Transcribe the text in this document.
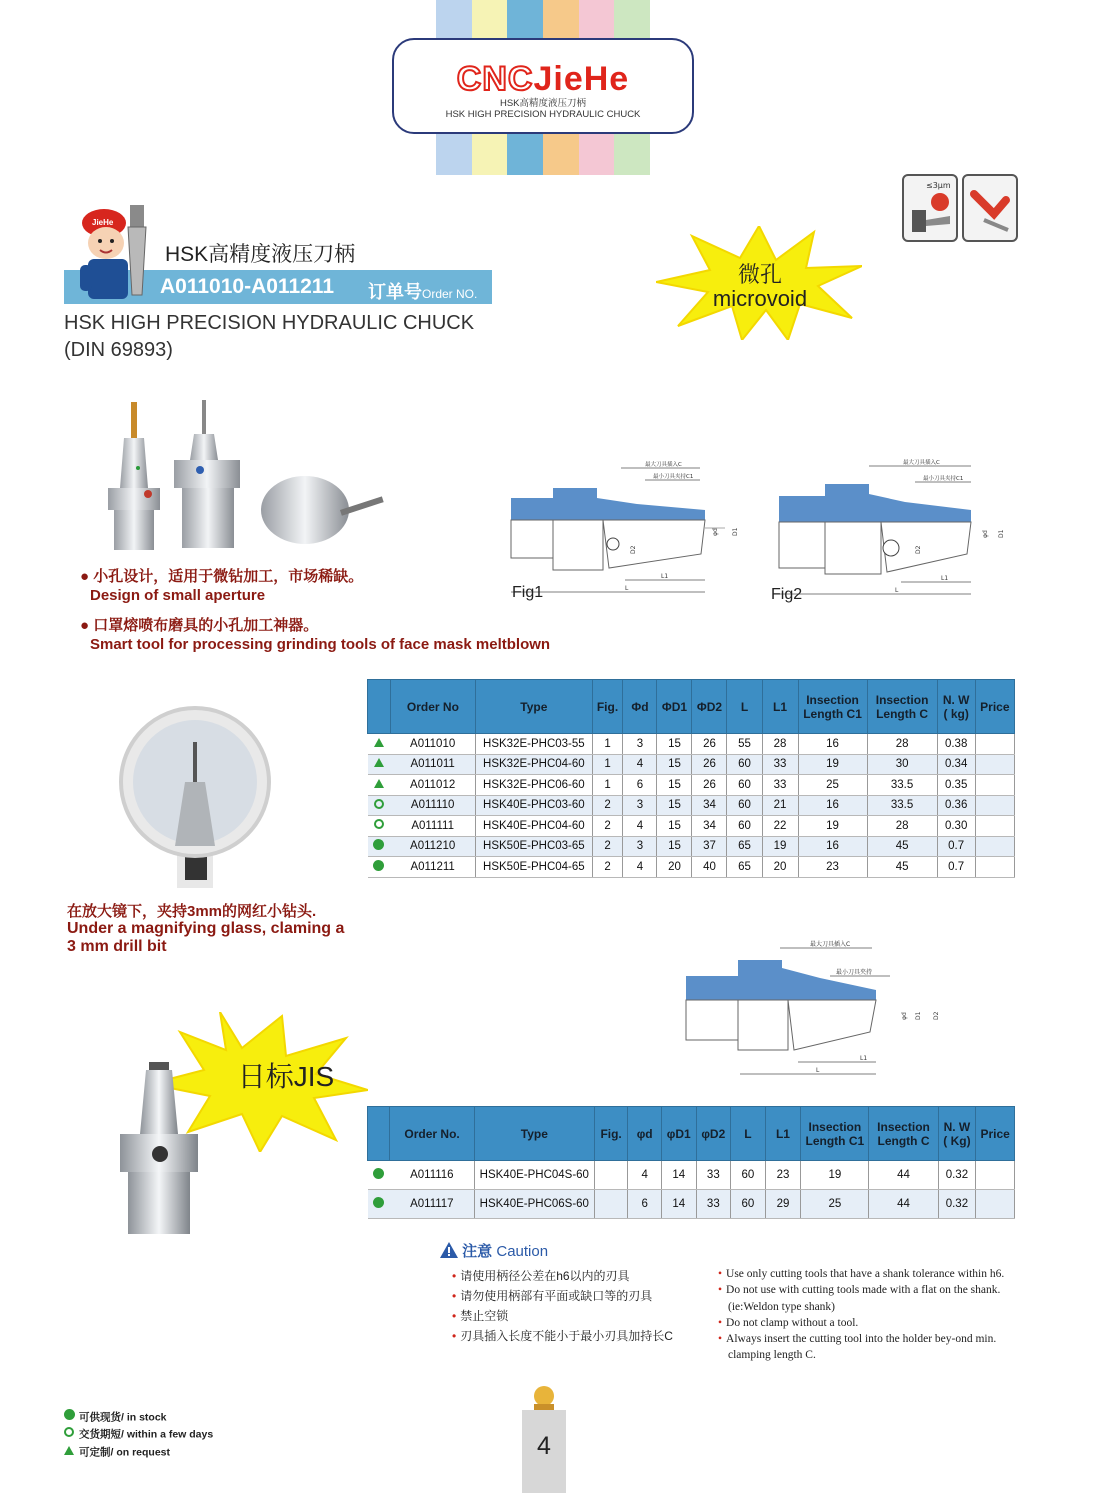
CNCJieHe
HSK高精度液压刀柄
HSK HIGH PRECISION HYDRAULIC CHUCK
A011010-A011211 订单号Order NO.
JieHe
HSK高精度液压刀柄
HSK HIGH PRECISION HYDRAULIC CHUCK
(DIN 69893)
微孔
microvoid
≤3μm
● 小孔设计，适用于微钻加工，市场稀缺。
Design of small aperture
● 口罩熔喷布磨具的小孔加工神器。
Smart tool for processing grinding tools of face mask meltblown
最大刀具插入C
最小刀具夹持C1
φd D1
D2
L1
L
Fig1
最大刀具插入C
最小刀具夹持C1
φd D1
D2
L1
L
Fig2
	Order No	Type	Fig.	Φd	ΦD1	ΦD2	L	L1	Insection Length C1	Insection Length C	N. W ( kg)	Price
	A011010	HSK32E-PHC03-55	1	3	15	26	55	28	16	28	0.38	
	A011011	HSK32E-PHC04-60	1	4	15	26	60	33	19	30	0.34	
	A011012	HSK32E-PHC06-60	1	6	15	26	60	33	25	33.5	0.35	
	A011110	HSK40E-PHC03-60	2	3	15	34	60	21	16	33.5	0.36	
	A011111	HSK40E-PHC04-60	2	4	15	34	60	22	19	28	0.30	
	A011210	HSK50E-PHC03-65	2	3	15	37	65	19	16	45	0.7	
	A011211	HSK50E-PHC04-65	2	4	20	40	65	20	23	45	0.7	
在放大镜下，夹持3mm的网红小钻头.
Under a magnifying glass, claming a
3 mm drill bit	最大刀具插入C
最小刀具夹持
φd D1 D2
L1
L
日标JIS
	Order No.	Type	Fig.	φd	φD1	φD2	L	L1	Insection Length C1	Insection Length C	N. W ( Kg)	Price
	A011116	HSK40E-PHC04S-60		4	14	33	60	23	19	44	0.32	
	A011117	HSK40E-PHC06S-60		6	14	33	60	29	25	44	0.32	
注意 Caution
• 请使用柄径公差在h6以内的刃具
• 请勿使用柄部有平面或缺口等的刃具
• 禁止空锁
• 刃具插入长度不能小于最小刃具加持长C
• Use only cutting tools that have a shank tolerance within h6.
• Do not use with cutting tools made with a flat on the shank.(ie:Weldon type shank)
• Do not clamp without a tool.
• Always insert the cutting tool into the holder bey-ond min. clamping length C.
可供现货/ in stock
交货期短/ within a few days
可定制/ on request	4
